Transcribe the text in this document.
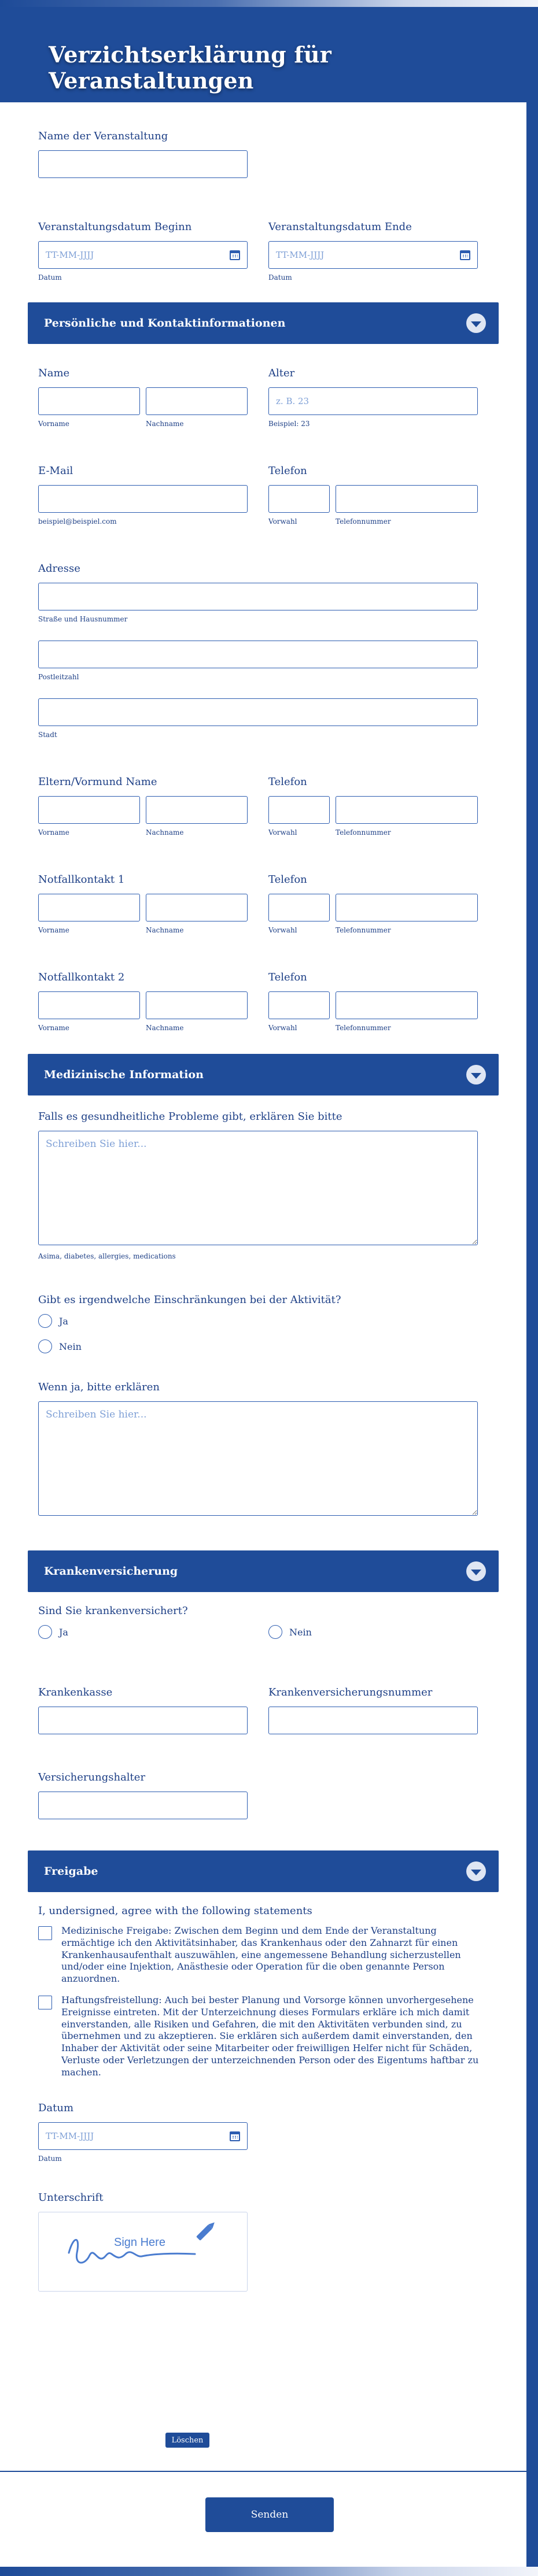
Verzichtserklärung für Veranstaltungen
Name der Veranstaltung
Veranstaltungsdatum Beginn
TT-MM-JJJJ
Datum
Veranstaltungsdatum Ende
TT-MM-JJJJ
Datum
Persönliche und Kontaktinformationen
Name
Vorname	Nachname
Alter
z. B. 23
Beispiel: 23
E-Mail
beispiel@beispiel.com
Telefon
Vorwahl	Telefonnummer
Adresse
Straße und Hausnummer
Postleitzahl
Stadt
Eltern/Vormund Name
Vorname	Nachname
Telefon
Vorwahl	Telefonnummer
Notfallkontakt 1
Vorname	Nachname
Telefon
Vorwahl	Telefonnummer
Notfallkontakt 2
Vorname	Nachname
Telefon
Vorwahl	Telefonnummer
Medizinische Information
Falls es gesundheitliche Probleme gibt, erklären Sie bitte
Schreiben Sie hier...
Asima, diabetes, allergies, medications
Gibt es irgendwelche Einschränkungen bei der Aktivität?
Ja
Nein
Wenn ja, bitte erklären
Schreiben Sie hier...
Krankenversicherung
Sind Sie krankenversichert?
Ja	Nein
Krankenkasse	Krankenversicherungsnummer
Versicherungshalter
Freigabe
I, undersigned, agree with the following statements
Medizinische Freigabe: Zwischen dem Beginn und dem Ende der Veranstaltung ermächtige ich den Aktivitätsinhaber, das Krankenhaus oder den Zahnarzt für einen Krankenhausaufenthalt auszuwählen, eine angemessene Behandlung sicherzustellen und/oder eine Injektion, Anästhesie oder Operation für die oben genannte Person anzuordnen.
Haftungsfreistellung: Auch bei bester Planung und Vorsorge können unvorhergesehene Ereignisse eintreten. Mit der Unterzeichnung dieses Formulars erkläre ich mich damit einverstanden, alle Risiken und Gefahren, die mit den Aktivitäten verbunden sind, zu übernehmen und zu akzeptieren. Sie erklären sich außerdem damit einverstanden, den Inhaber der Aktivität oder seine Mitarbeiter oder freiwilligen Helfer nicht für Schäden, Verluste oder Verletzungen der unterzeichnenden Person oder des Eigentums haftbar zu machen.
Datum
TT-MM-JJJJ
Datum
Unterschrift
Sign Here
Löschen
Senden
